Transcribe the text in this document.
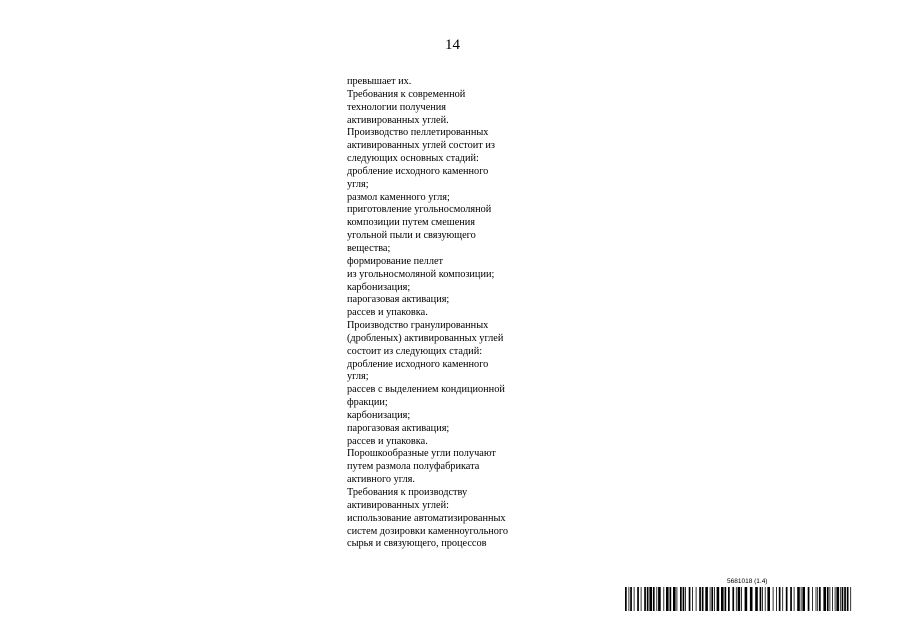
14
превышает их.
Требования к современной
технологии получения
активированных углей.
Производство пеллетированных
активированных углей состоит из
следующих основных стадий:
дробление исходного каменного
угля;
размол каменного угля;
приготовление угольносмоляной
композиции путем смешения
угольной пыли и связующего
вещества;
формирование пеллет
из угольносмоляной композиции;
карбонизация;
парогазовая активация;
рассев и упаковка.
Производство гранулированных
(дробленых) активированных углей
состоит из следующих стадий:
дробление исходного каменного
угля;
рассев с выделением кондиционной
фракции;
карбонизация;
парогазовая активация;
рассев и упаковка.
Порошкообразные угли получают
путем размола полуфабриката
активного угля.
Требования к производству
активированных углей:
использование автоматизированных
систем дозировки каменноугольного
сырья и связующего, процессов
5681018 (1.4)
